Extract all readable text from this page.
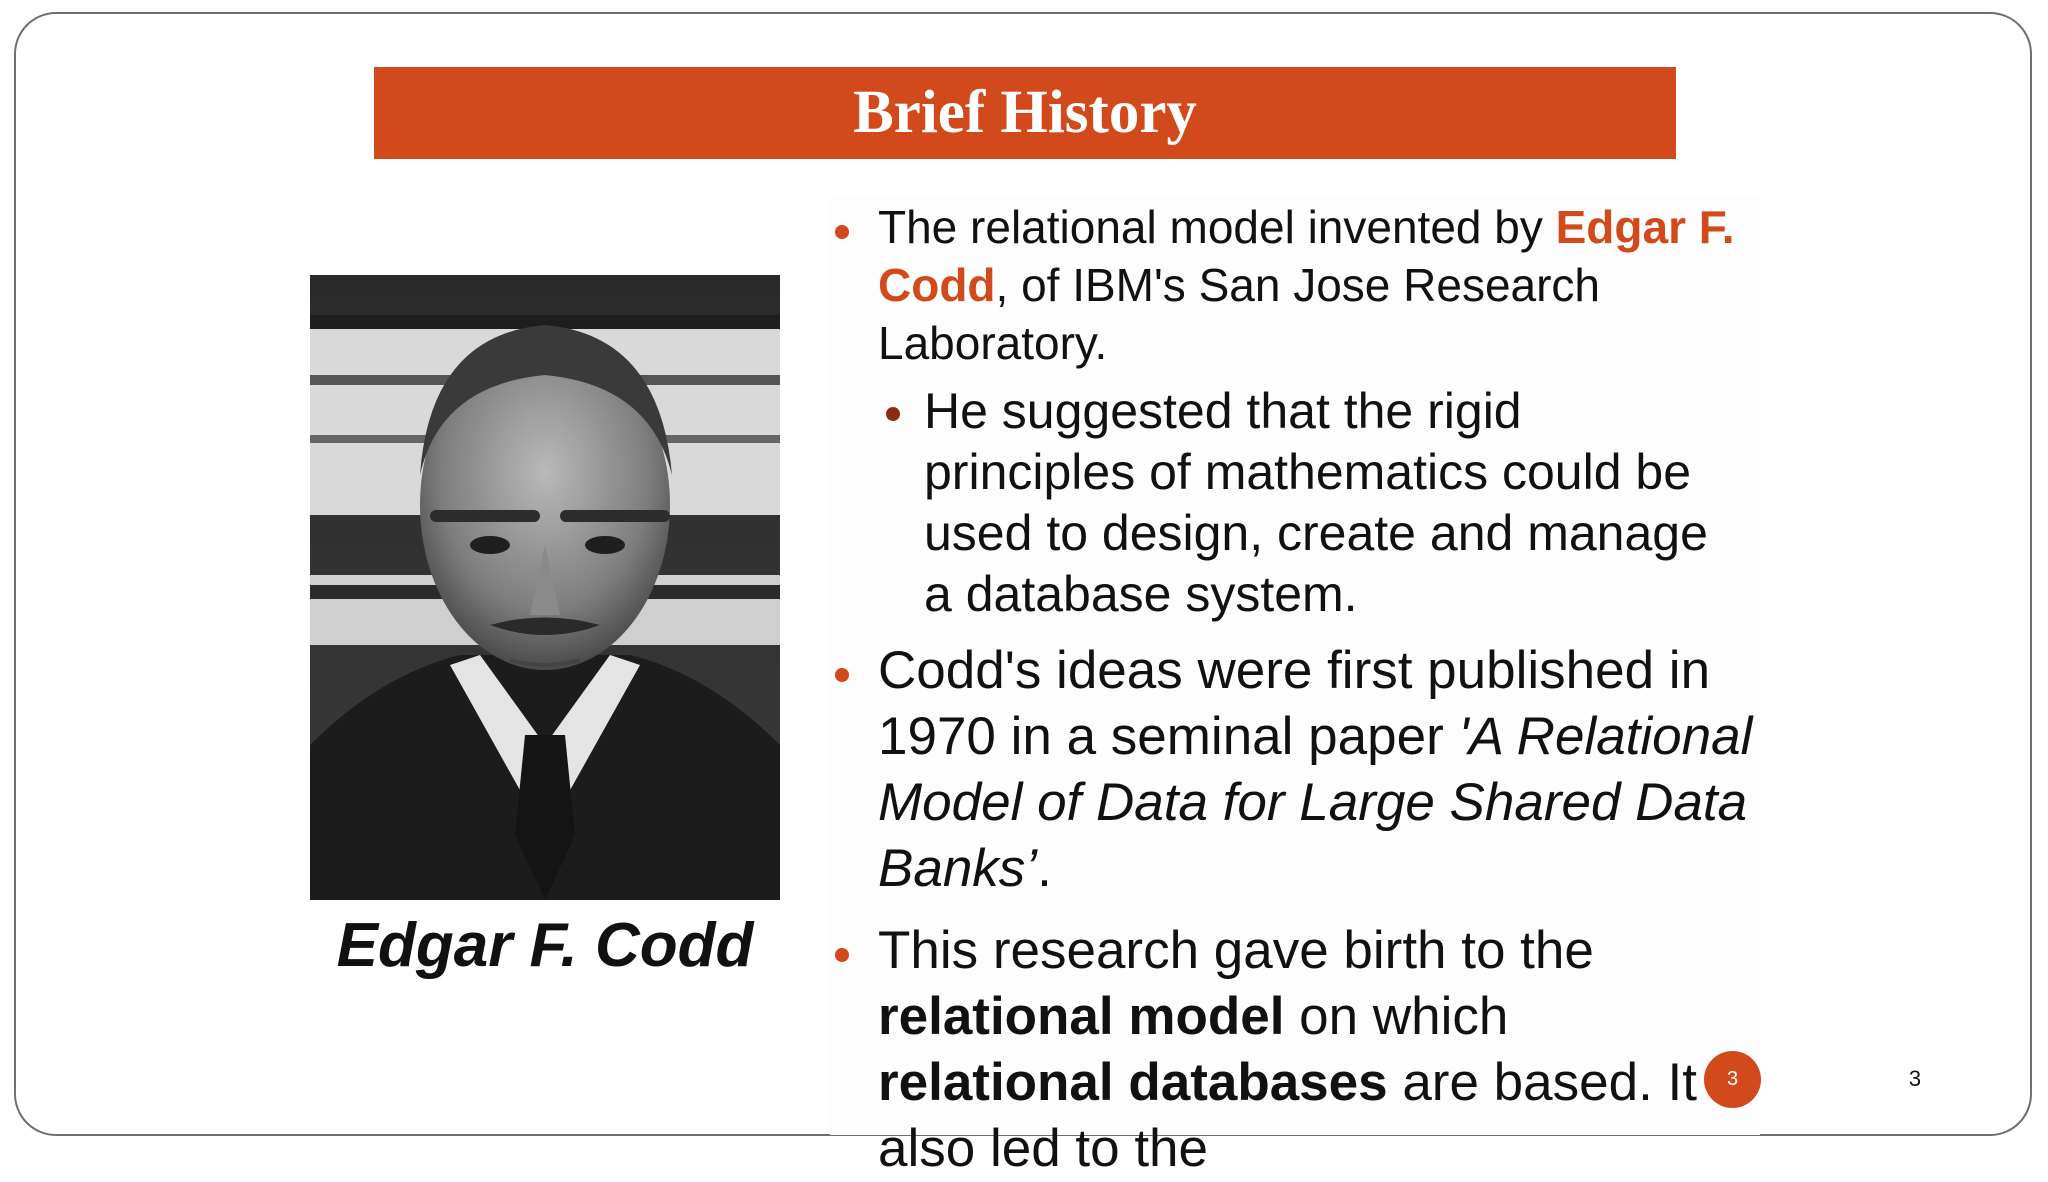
Brief History
Edgar F. Codd
The relational model invented by Edgar F. Codd, of IBM's San Jose Research Laboratory.
He suggested that the rigid principles of mathematics could be used to design, create and manage a database system.
Codd's ideas were first published in 1970 in a seminal paper 'A Relational Model of Data for Large Shared Data Banks’.
This research gave birth to the relational model on which relational databases are based. It also led to the
3	3
